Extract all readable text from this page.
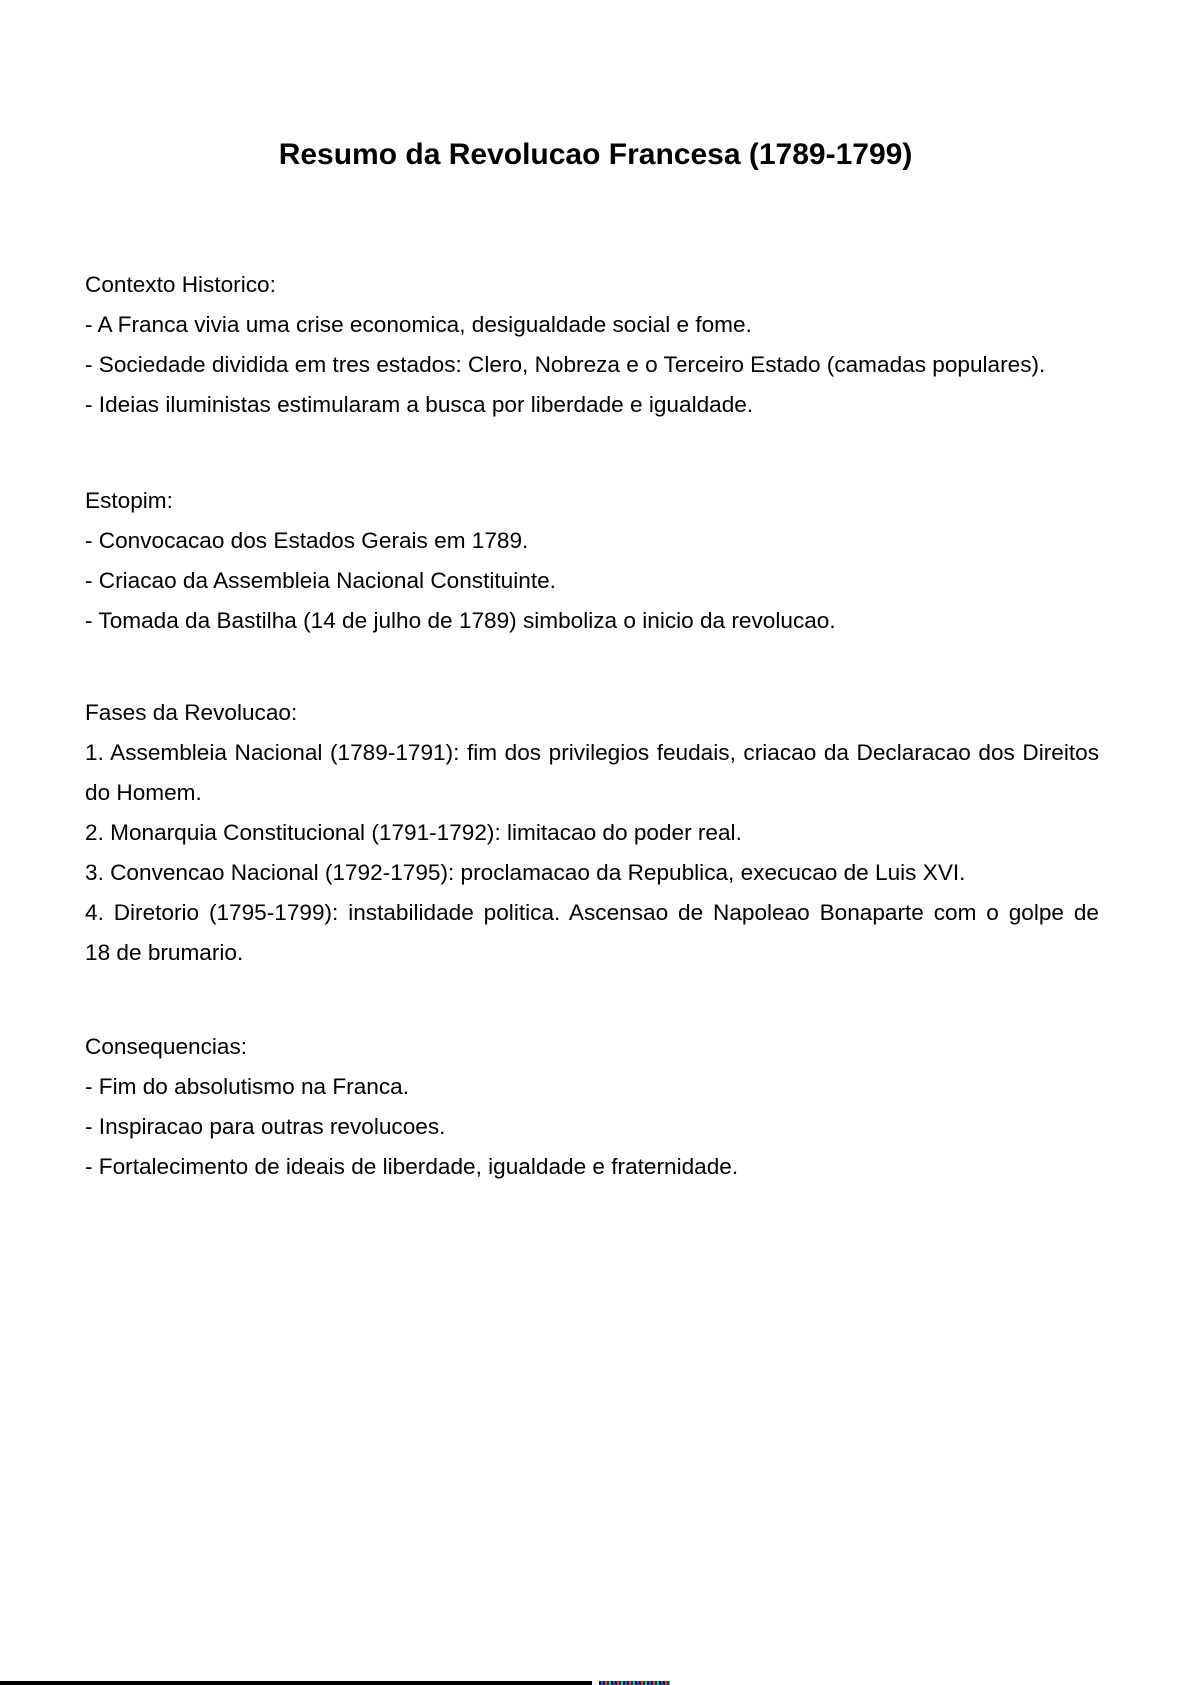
Resumo da Revolucao Francesa (1789-1799)
Contexto Historico:
- A Franca vivia uma crise economica, desigualdade social e fome.
- Sociedade dividida em tres estados: Clero, Nobreza e o Terceiro Estado (camadas populares).
- Ideias iluministas estimularam a busca por liberdade e igualdade.
Estopim:
- Convocacao dos Estados Gerais em 1789.
- Criacao da Assembleia Nacional Constituinte.
- Tomada da Bastilha (14 de julho de 1789) simboliza o inicio da revolucao.
Fases da Revolucao:
1. Assembleia Nacional (1789-1791): fim dos privilegios feudais, criacao da Declaracao dos Direitos
do Homem.
2. Monarquia Constitucional (1791-1792): limitacao do poder real.
3. Convencao Nacional (1792-1795): proclamacao da Republica, execucao de Luis XVI.
4. Diretorio (1795-1799): instabilidade politica. Ascensao de Napoleao Bonaparte com o golpe de
18 de brumario.
Consequencias:
- Fim do absolutismo na Franca.
- Inspiracao para outras revolucoes.
- Fortalecimento de ideais de liberdade, igualdade e fraternidade.
